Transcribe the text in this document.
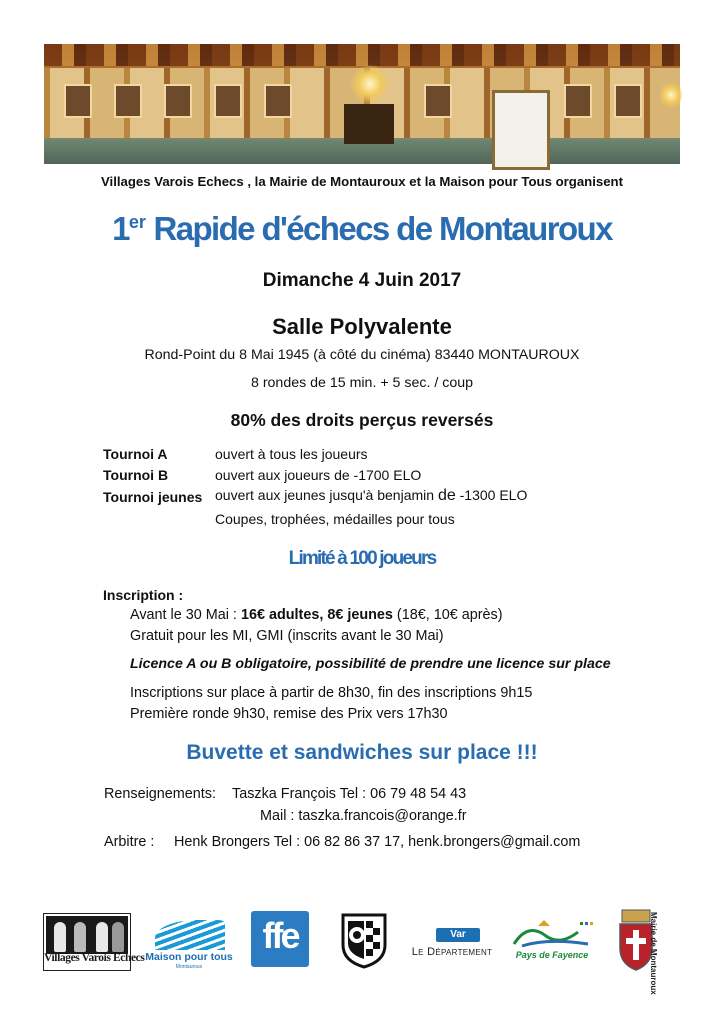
Villages Varois Echecs , la Mairie de Montauroux et la Maison pour Tous organisent
1er Rapide d'échecs de Montauroux
Dimanche 4 Juin 2017
Salle Polyvalente
Rond-Point du 8 Mai 1945 (à côté du cinéma) 83440 MONTAUROUX
8 rondes de 15 min. + 5 sec. / coup
80% des droits perçus reversés
Tournoi A	ouvert à tous les joueurs
Tournoi B	ouvert aux joueurs de -1700 ELO
Tournoi jeunes ouvert aux jeunes jusqu'à benjamin de -1300 ELO
Coupes, trophées, médailles pour tous
Limité à 100 joueurs
Inscription :
Avant le 30 Mai : 16€ adultes, 8€ jeunes (18€, 10€ après)
Gratuit pour les MI, GMI (inscrits avant le 30 Mai)
Licence A ou B obligatoire, possibilité de prendre une licence sur place
Inscriptions sur place à partir de 8h30, fin des inscriptions 9h15
Première ronde 9h30, remise des Prix vers 17h30
Buvette et sandwiches sur place !!!
Renseignements: Taszka François Tel : 06 79 48 54 43
Mail : taszka.francois@orange.fr
Arbitre : Henk Brongers Tel : 06 82 86 37 17, henk.brongers@gmail.com
Villages Varois Echecs Maison pour tous
Montauroux
ffe	Var
Le Département	Pays de Fayence	Mairie de Montauroux
